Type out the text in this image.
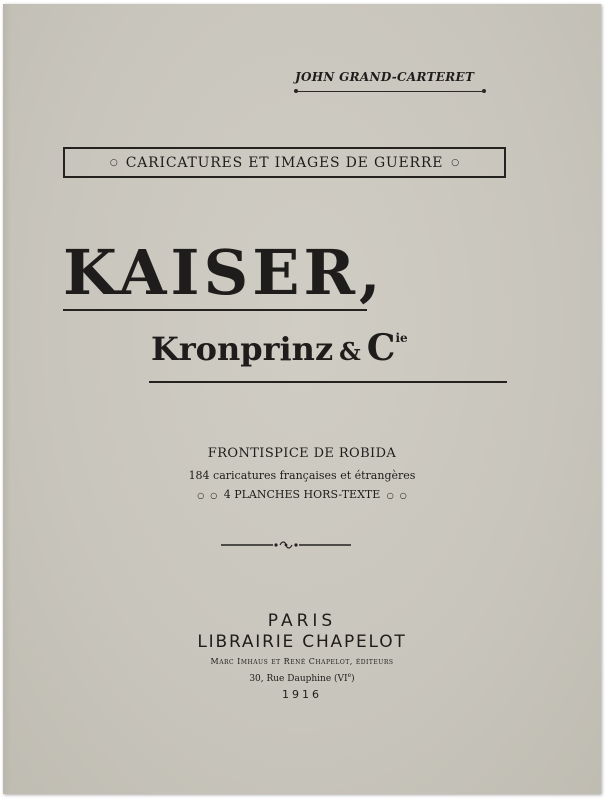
JOHN GRAND-CARTERET
○ CARICATURES ET IMAGES DE GUERRE ○
KAISER,
Kronprinz & $C^{ie}$
FRONTISPICE DE ROBIDA
184 caricatures françaises et étrangères
○ ○ 4 PLANCHES HORS-TEXTE ○ ○
PARIS
LIBRAIRIE CHAPELOT
Marc Imhaus et René Chapelot, éditeurs
30, Rue Dauphine (VIe)
1916
